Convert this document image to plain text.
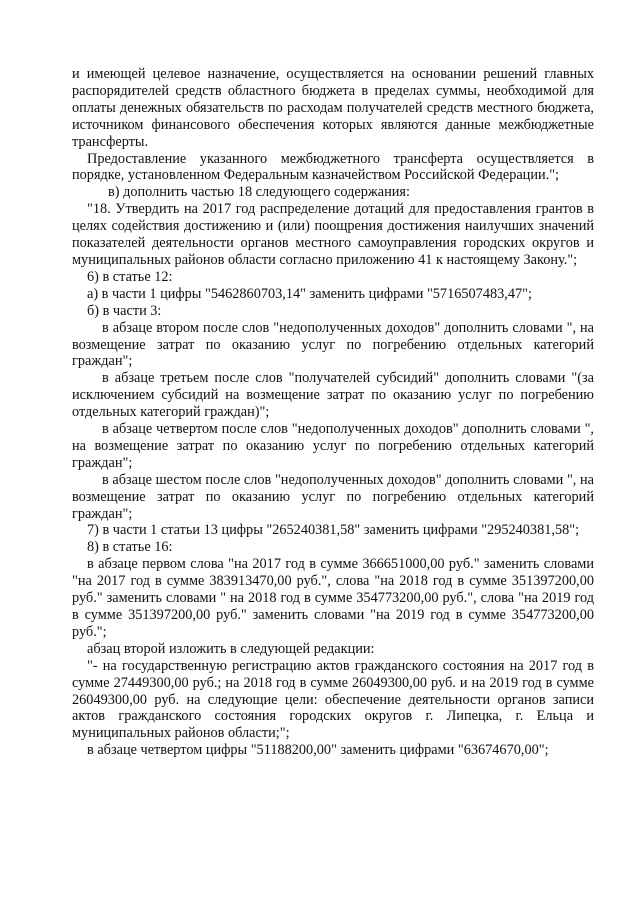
и имеющей целевое назначение, осуществляется на основании решений главных распорядителей средств областного бюджета в пределах суммы, необходимой для оплаты денежных обязательств по расходам получателей средств местного бюджета, источником финансового обеспечения которых являются данные межбюджетные трансферты.

Предоставление указанного межбюджетного трансферта осуществляется в порядке, установленном Федеральным казначейством Российской Федерации.";

в) дополнить частью 18 следующего содержания:

"18. Утвердить на 2017 год распределение дотаций для предоставления грантов в целях содействия достижению и (или) поощрения достижения наилучших значений показателей деятельности органов местного самоуправления городских округов и муниципальных районов области согласно приложению 41 к настоящему Закону.";

6) в статье 12:

а) в части 1 цифры "5462860703,14" заменить цифрами "5716507483,47";

б) в части 3:

в абзаце втором после слов "недополученных доходов" дополнить словами ", на возмещение затрат по оказанию услуг по погребению отдельных категорий граждан";

в абзаце третьем после слов "получателей субсидий" дополнить словами "(за исключением субсидий на возмещение затрат по оказанию услуг по погребению отдельных категорий граждан)";

в абзаце четвертом после слов "недополученных доходов" дополнить словами ", на возмещение затрат по оказанию услуг по погребению отдельных категорий граждан";

в абзаце шестом после слов "недополученных доходов" дополнить словами ", на возмещение затрат по оказанию услуг по погребению отдельных категорий граждан";

7) в части 1 статьи 13 цифры "265240381,58" заменить цифрами "295240381,58";

8) в статье 16:

в абзаце первом слова "на 2017 год в сумме 366651000,00 руб." заменить словами "на 2017 год в сумме 383913470,00 руб.", слова "на 2018 год в сумме 351397200,00 руб." заменить словами " на 2018 год в сумме 354773200,00 руб.", слова "на 2019 год в сумме 351397200,00 руб." заменить словами "на 2019 год в сумме 354773200,00 руб.";

абзац второй изложить в следующей редакции:

"- на государственную регистрацию актов гражданского состояния на 2017 год в сумме 27449300,00 руб.; на 2018 год в сумме 26049300,00 руб. и на 2019 год в сумме 26049300,00 руб. на следующие цели: обеспечение деятельности органов записи актов гражданского состояния городских округов г. Липецка, г. Ельца и муниципальных районов области;";

в абзаце четвертом цифры "51188200,00" заменить цифрами "63674670,00";
